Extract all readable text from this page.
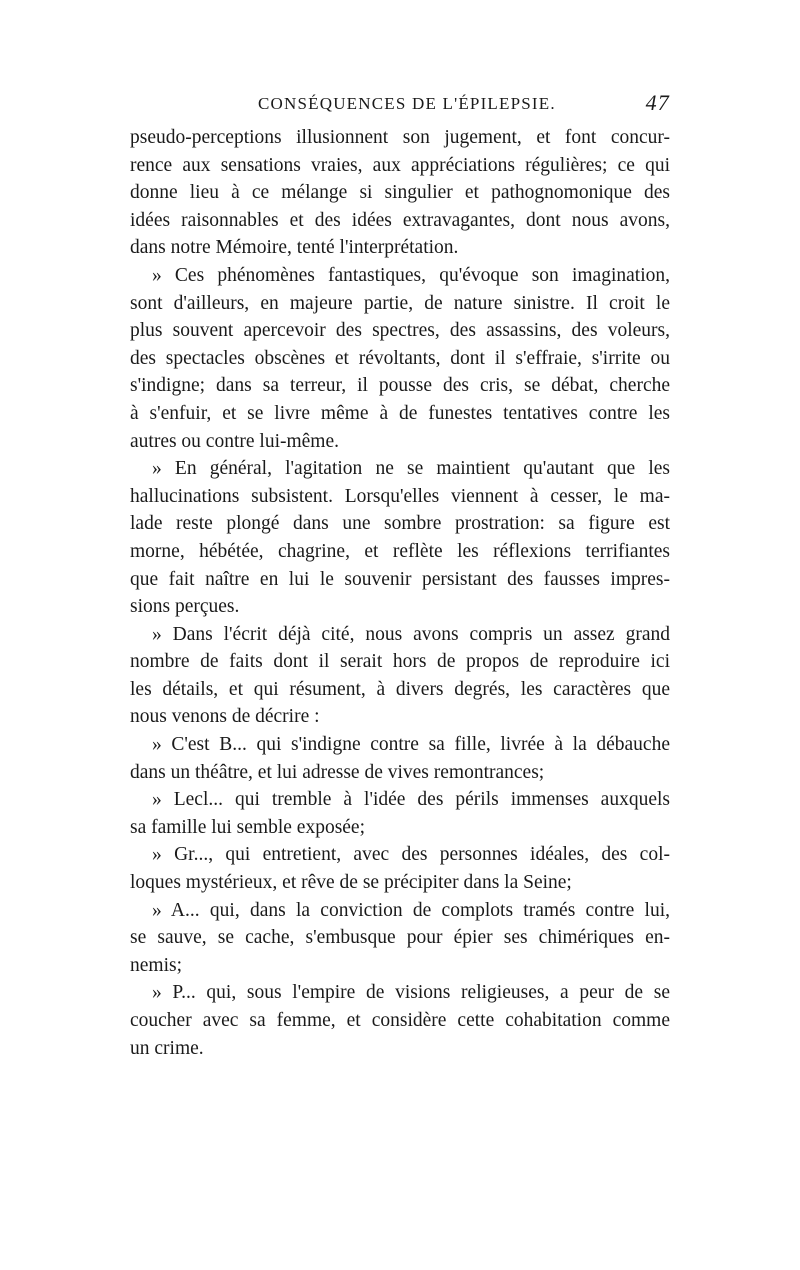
CONSÉQUENCES DE L'ÉPILEPSIE.	47
pseudo-perceptions illusionnent son jugement, et font concur-
rence aux sensations vraies, aux appréciations régulières; ce qui
donne lieu à ce mélange si singulier et pathognomonique des
idées raisonnables et des idées extravagantes, dont nous avons,
dans notre Mémoire, tenté l'interprétation.
» Ces phénomènes fantastiques, qu'évoque son imagination,
sont d'ailleurs, en majeure partie, de nature sinistre. Il croit le
plus souvent apercevoir des spectres, des assassins, des voleurs,
des spectacles obscènes et révoltants, dont il s'effraie, s'irrite ou
s'indigne; dans sa terreur, il pousse des cris, se débat, cherche
à s'enfuir, et se livre même à de funestes tentatives contre les
autres ou contre lui-même.
» En général, l'agitation ne se maintient qu'autant que les
hallucinations subsistent. Lorsqu'elles viennent à cesser, le ma-
lade reste plongé dans une sombre prostration: sa figure est
morne, hébétée, chagrine, et reflète les réflexions terrifiantes
que fait naître en lui le souvenir persistant des fausses impres-
sions perçues.
» Dans l'écrit déjà cité, nous avons compris un assez grand
nombre de faits dont il serait hors de propos de reproduire ici
les détails, et qui résument, à divers degrés, les caractères que
nous venons de décrire :
» C'est B... qui s'indigne contre sa fille, livrée à la débauche
dans un théâtre, et lui adresse de vives remontrances;
» Lecl... qui tremble à l'idée des périls immenses auxquels
sa famille lui semble exposée;
» Gr..., qui entretient, avec des personnes idéales, des col-
loques mystérieux, et rêve de se précipiter dans la Seine;
» A... qui, dans la conviction de complots tramés contre lui,
se sauve, se cache, s'embusque pour épier ses chimériques en-
nemis;
» P... qui, sous l'empire de visions religieuses, a peur de se
coucher avec sa femme, et considère cette cohabitation comme
un crime.
